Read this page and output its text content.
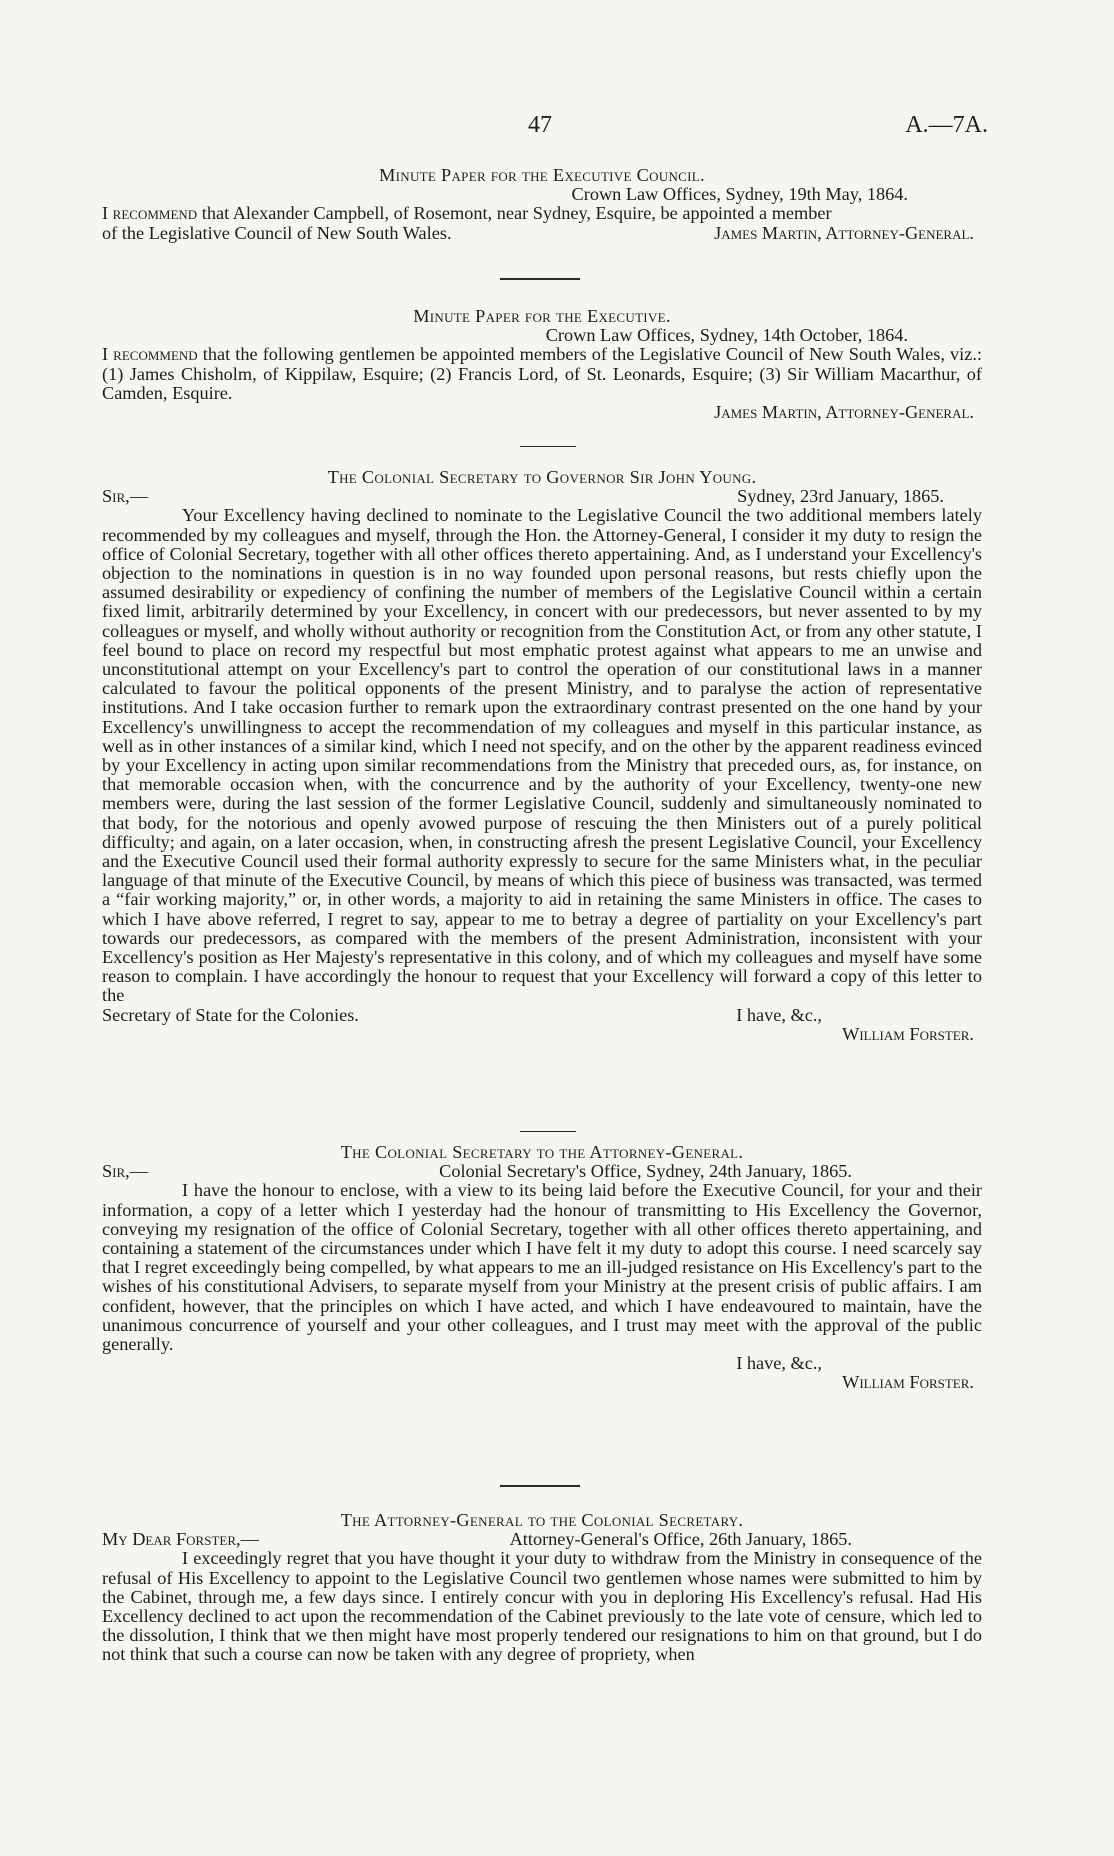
47	A.—7A.
Minute Paper for the Executive Council.
Crown Law Offices, Sydney, 19th May, 1864.
I recommend that Alexander Campbell, of Rosemont, near Sydney, Esquire, be appointed a member
of the Legislative Council of New South Wales.	James Martin, Attorney-General.
Minute Paper for the Executive.
Crown Law Offices, Sydney, 14th October, 1864.
I recommend that the following gentlemen be appointed members of the Legislative Council of New South Wales, viz.: (1) James Chisholm, of Kippilaw, Esquire; (2) Francis Lord, of St. Leonards, Esquire; (3) Sir William Macarthur, of Camden, Esquire.
James Martin, Attorney-General.
The Colonial Secretary to Governor Sir John Young.
Sir,—	Sydney, 23rd January, 1865.
Your Excellency having declined to nominate to the Legislative Council the two additional members lately recommended by my colleagues and myself, through the Hon. the Attorney-General, I consider it my duty to resign the office of Colonial Secretary, together with all other offices thereto appertaining. And, as I understand your Excellency's objection to the nominations in question is in no way founded upon personal reasons, but rests chiefly upon the assumed desirability or expediency of confining the number of members of the Legislative Council within a certain fixed limit, arbitrarily determined by your Excellency, in concert with our predecessors, but never assented to by my colleagues or myself, and wholly without authority or recognition from the Constitution Act, or from any other statute, I feel bound to place on record my respectful but most emphatic protest against what appears to me an unwise and unconstitutional attempt on your Excellency's part to control the operation of our constitutional laws in a manner calculated to favour the political opponents of the present Ministry, and to paralyse the action of representative institutions. And I take occasion further to remark upon the extraordinary contrast presented on the one hand by your Excellency's unwillingness to accept the recommendation of my colleagues and myself in this particular instance, as well as in other instances of a similar kind, which I need not specify, and on the other by the apparent readiness evinced by your Excellency in acting upon similar recommendations from the Ministry that preceded ours, as, for instance, on that memorable occasion when, with the concurrence and by the authority of your Excellency, twenty-one new members were, during the last session of the former Legislative Council, suddenly and simultaneously nominated to that body, for the notorious and openly avowed purpose of rescuing the then Ministers out of a purely political difficulty; and again, on a later occasion, when, in constructing afresh the present Legislative Council, your Excellency and the Executive Council used their formal authority expressly to secure for the same Ministers what, in the peculiar language of that minute of the Executive Council, by means of which this piece of business was transacted, was termed a “fair working majority,” or, in other words, a majority to aid in retaining the same Ministers in office. The cases to which I have above referred, I regret to say, appear to me to betray a degree of partiality on your Excellency's part towards our predecessors, as compared with the members of the present Administration, inconsistent with your Excellency's position as Her Majesty's representative in this colony, and of which my colleagues and myself have some reason to complain. I have accordingly the honour to request that your Excellency will forward a copy of this letter to the
Secretary of State for the Colonies.	I have, &c.,
William Forster.
The Colonial Secretary to the Attorney-General.
Sir,—	Colonial Secretary's Office, Sydney, 24th January, 1865.
I have the honour to enclose, with a view to its being laid before the Executive Council, for your and their information, a copy of a letter which I yesterday had the honour of transmitting to His Excellency the Governor, conveying my resignation of the office of Colonial Secretary, together with all other offices thereto appertaining, and containing a statement of the circumstances under which I have felt it my duty to adopt this course. I need scarcely say that I regret exceedingly being compelled, by what appears to me an ill-judged resistance on His Excellency's part to the wishes of his constitutional Advisers, to separate myself from your Ministry at the present crisis of public affairs. I am confident, however, that the principles on which I have acted, and which I have endeavoured to maintain, have the unanimous concurrence of yourself and your other colleagues, and I trust may meet with the approval of the public generally.
I have, &c.,
William Forster.
The Attorney-General to the Colonial Secretary.
My Dear Forster,—	Attorney-General's Office, 26th January, 1865.
I exceedingly regret that you have thought it your duty to withdraw from the Ministry in consequence of the refusal of His Excellency to appoint to the Legislative Council two gentlemen whose names were submitted to him by the Cabinet, through me, a few days since. I entirely concur with you in deploring His Excellency's refusal. Had His Excellency declined to act upon the recommendation of the Cabinet previously to the late vote of censure, which led to the dissolution, I think that we then might have most properly tendered our resignations to him on that ground, but I do not think that such a course can now be taken with any degree of propriety, when
